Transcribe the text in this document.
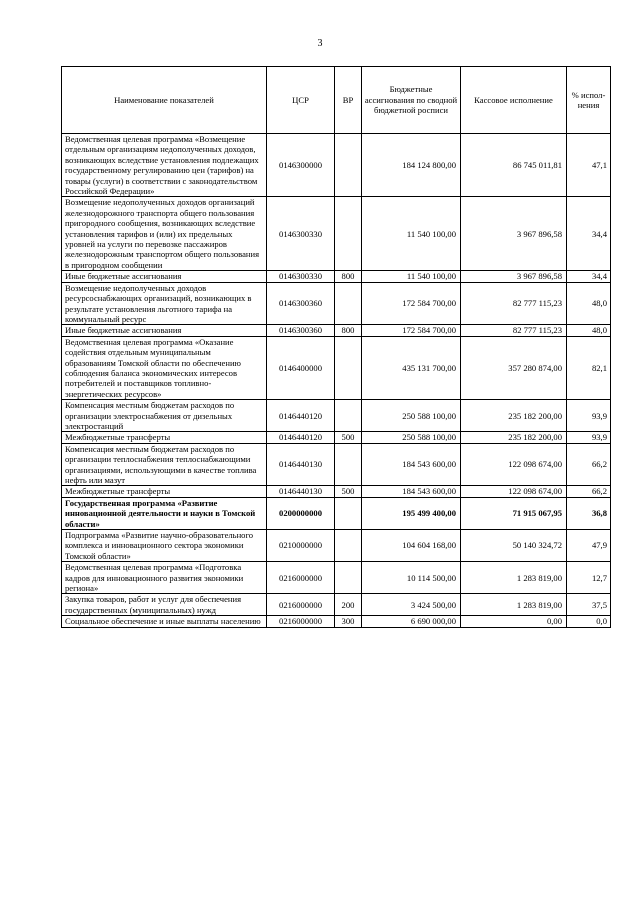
3
Наименование показателей	ЦСР	ВР	Бюджетные ассигнования по сводной бюджетной росписи	Кассовое исполнение	% испол-нения
Ведомственная целевая программа «Возмещение отдельным организациям недополученных доходов, возникающих вследствие установления подлежащих государственному регулированию цен (тарифов) на товары (услуги) в соответствии с законодательством Российской Федерации»	0146300000		184 124 800,00	86 745 011,81	47,1
Возмещение недополученных доходов организаций железнодорожного транспорта общего пользования пригородного сообщения, возникающих вследствие установления тарифов и (или) их предельных уровней на услуги по перевозке пассажиров железнодорожным транспортом общего пользования в пригородном сообщении	0146300330		11 540 100,00	3 967 896,58	34,4
Иные бюджетные ассигнования	0146300330	800	11 540 100,00	3 967 896,58	34,4
Возмещение недополученных доходов ресурсоснабжающих организаций, возникающих в результате установления льготного тарифа на коммунальный ресурс	0146300360		172 584 700,00	82 777 115,23	48,0
Иные бюджетные ассигнования	0146300360	800	172 584 700,00	82 777 115,23	48,0
Ведомственная целевая программа «Оказание содействия отдельным муниципальным образованиям Томской области по обеспечению соблюдения баланса экономических интересов потребителей и поставщиков топливно-энергетических ресурсов»	0146400000		435 131 700,00	357 280 874,00	82,1
Компенсация местным бюджетам расходов по организации электроснабжения от дизельных электростанций	0146440120		250 588 100,00	235 182 200,00	93,9
Межбюджетные трансферты	0146440120	500	250 588 100,00	235 182 200,00	93,9
Компенсация местным бюджетам расходов по организации теплоснабжения теплоснабжающими организациями, использующими в качестве топлива нефть или мазут	0146440130		184 543 600,00	122 098 674,00	66,2
Межбюджетные трансферты	0146440130	500	184 543 600,00	122 098 674,00	66,2
Государственная программа «Развитие инновационной деятельности и науки в Томской области»	0200000000		195 499 400,00	71 915 067,95	36,8
Подпрограмма «Развитие научно-образовательного комплекса и инновационного сектора экономики Томской области»	0210000000		104 604 168,00	50 140 324,72	47,9
Ведомственная целевая программа «Подготовка кадров для инновационного развития экономики региона»	0216000000		10 114 500,00	1 283 819,00	12,7
Закупка товаров, работ и услуг для обеспечения государственных (муниципальных) нужд	0216000000	200	3 424 500,00	1 283 819,00	37,5
Социальное обеспечение и иные выплаты населению	0216000000	300	6 690 000,00	0,00	0,0
